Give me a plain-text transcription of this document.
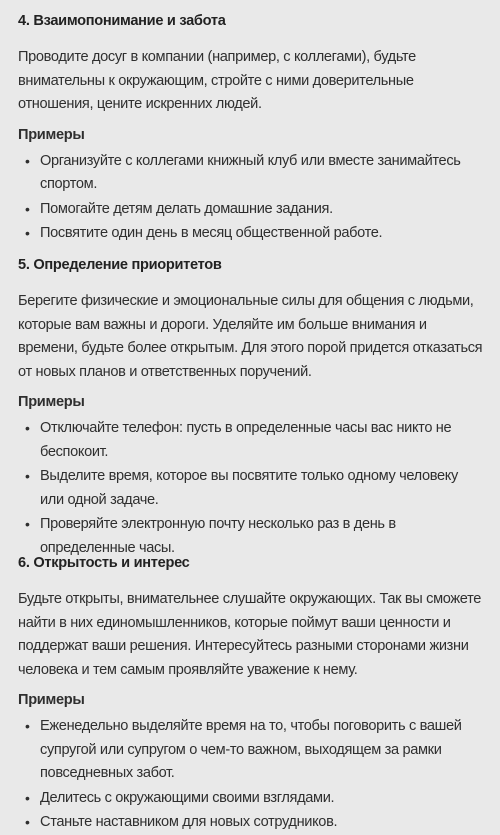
4. Взаимопонимание и забота

Проводите досуг в компании (например, с коллегами), будьте внимательны к окружающим, стройте с ними доверительные отношения, цените искренних людей.

Примеры

• Организуйте с коллегами книжный клуб или вместе занимайтесь спортом.
• Помогайте детям делать домашние задания.
• Посвятите один день в месяц общественной работе.

5. Определение приоритетов

Берегите физические и эмоциональные силы для общения с людьми, которые вам важны и дороги. Уделяйте им больше внимания и времени, будьте более открытым. Для этого порой придется отказаться от новых планов и ответственных поручений.

Примеры

• Отключайте телефон: пусть в определенные часы вас никто не беспокоит.
• Выделите время, которое вы посвятите только одному человеку или одной задаче.
• Проверяйте электронную почту несколько раз в день в определенные часы.

6. Открытость и интерес

Будьте открыты, внимательнее слушайте окружающих. Так вы сможете найти в них единомышленников, которые поймут ваши ценности и поддержат ваши решения. Интересуйтесь разными сторонами жизни человека и тем самым проявляйте уважение к нему.

Примеры

• Еженедельно выделяйте время на то, чтобы поговорить с вашей супругой или супругом о чем-то важном, выходящем за рамки повседневных забот.
• Делитесь с окружающими своими взглядами.
• Станьте наставником для новых сотрудников.
